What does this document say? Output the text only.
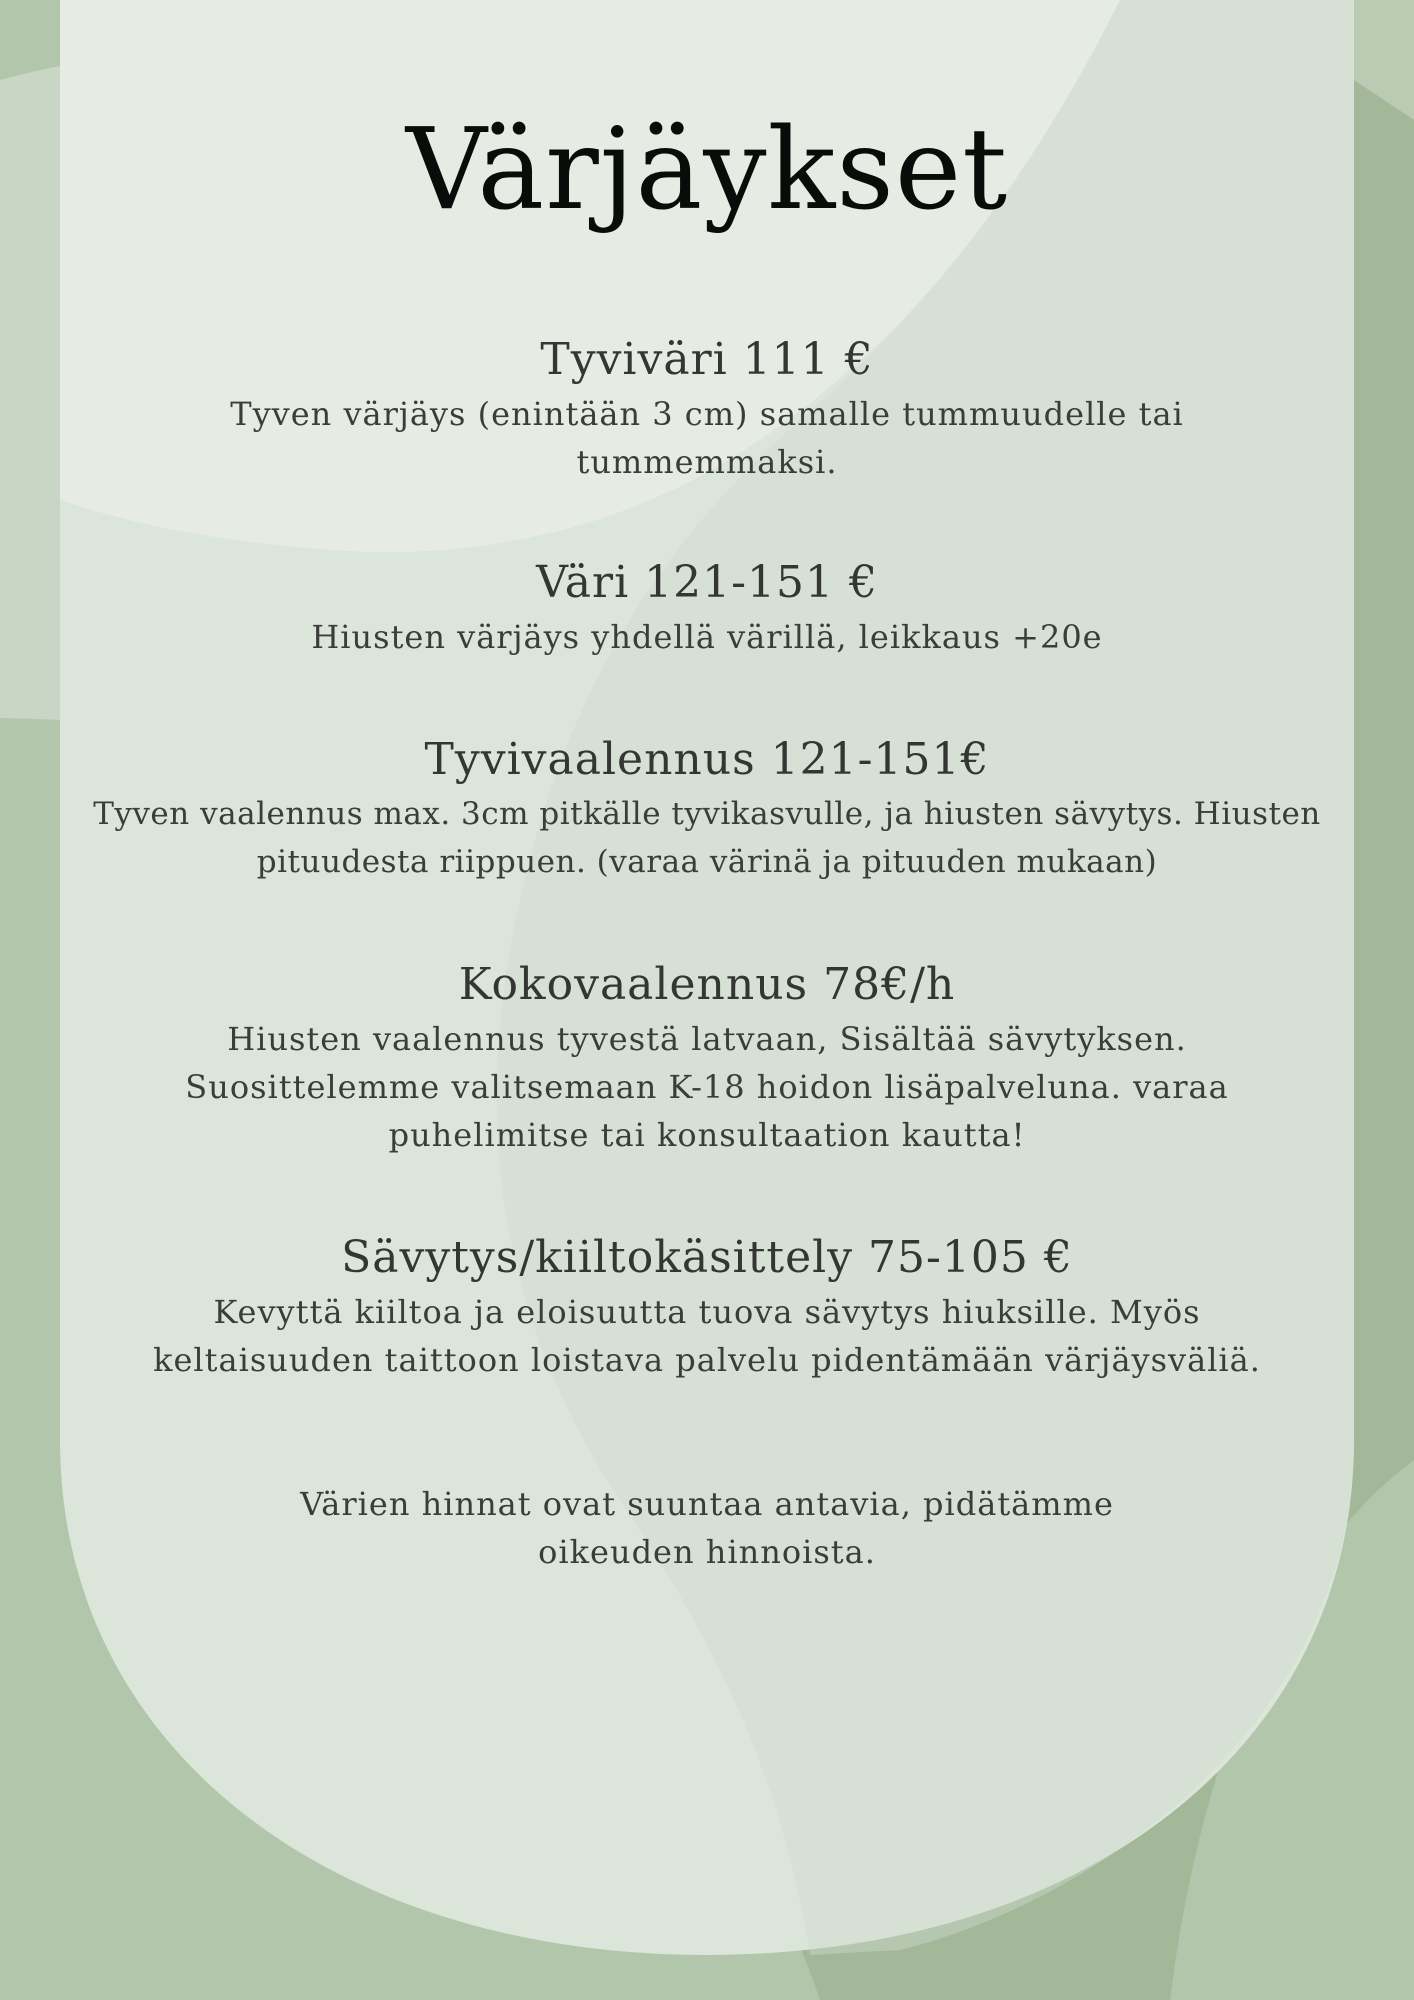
Värjäykset
Tyviväri 111 €

Tyven värjäys (enintään 3 cm) samalle tummuudelle tai tummemmaksi.

Väri 121-151 €

Hiusten värjäys yhdellä värillä, leikkaus +20e

Tyvivaalennus 121-151€

Tyven vaalennus max. 3cm pitkälle tyvikasvulle, ja hiusten sävytys. Hiusten pituudesta riippuen. (varaa värinä ja pituuden mukaan)

Kokovaalennus 78€/h

Hiusten vaalennus tyvestä latvaan, Sisältää sävytyksen. Suosittelemme valitsemaan K-18 hoidon lisäpalveluna. varaa puhelimitse tai konsultaation kautta!

Sävytys/kiiltokäsittely 75-105 €

Kevyttä kiiltoa ja eloisuutta tuova sävytys hiuksille. Myös keltaisuuden taittoon loistava palvelu pidentämään värjäysväliä.

Värien hinnat ovat suuntaa antavia, pidätämme oikeuden hinnoista.
